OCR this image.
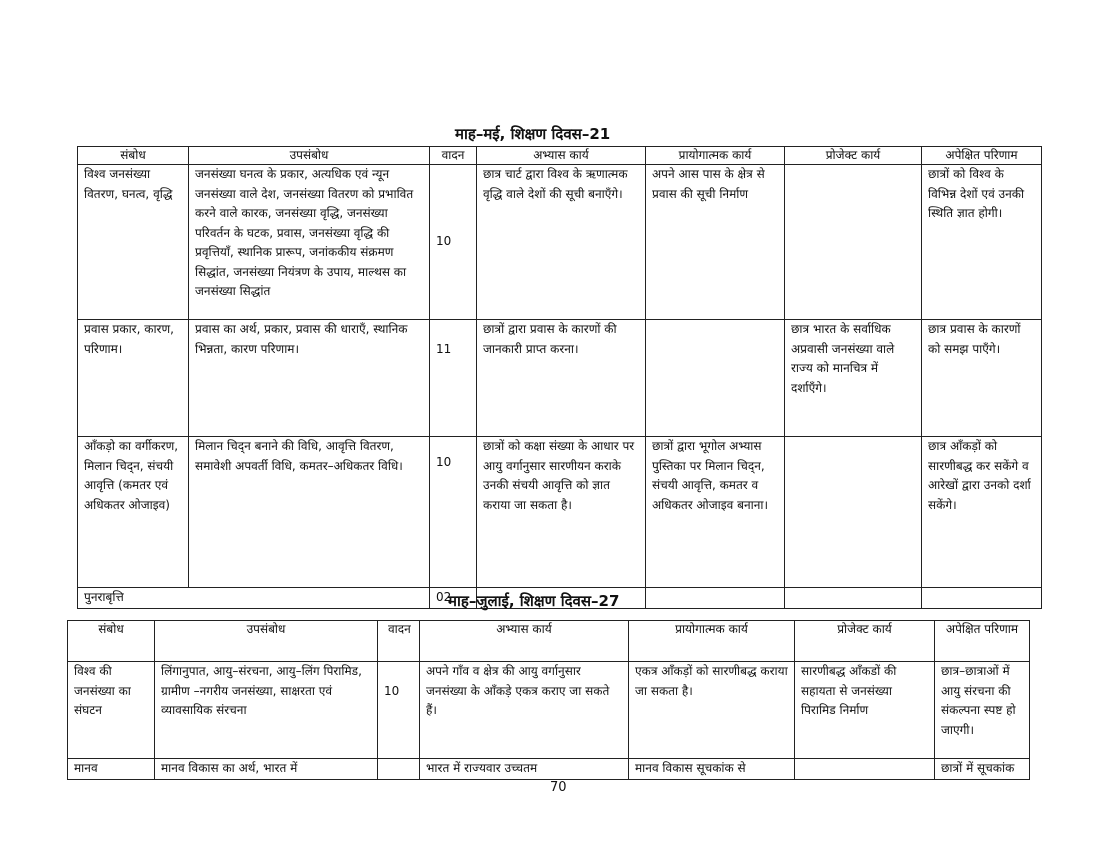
माह–मई, शिक्षण दिवस–21
संबोध	उपसंबोध	वादन	अभ्यास कार्य	प्रायोगात्मक कार्य	प्रोजेक्ट कार्य	अपेक्षित परिणाम
विश्व जनसंख्या वितरण, घनत्व, वृद्धि	जनसंख्या घनत्व के प्रकार, अत्यधिक एवं न्यून जनसंख्या वाले देश, जनसंख्या वितरण को प्रभावित करने वाले कारक, जनसंख्या वृद्धि, जनसंख्या परिवर्तन के घटक, प्रवास, जनसंख्या वृद्धि की प्रवृत्तियाँ, स्थानिक प्रारूप, जनांककीय संक्रमण सिद्धांत, जनसंख्या नियंत्रण के उपाय, माल्थस का जनसंख्या सिद्धांत	10	छात्र चार्ट द्वारा विश्व के ऋणात्मक वृद्धि वाले देशों की सूची बनाएँगे।	अपने आस पास के क्षेत्र से प्रवास की सूची निर्माण		छात्रों को विश्व के विभिन्न देशों एवं उनकी स्थिति ज्ञात होगी।
प्रवास प्रकार, कारण, परिणाम।	प्रवास का अर्थ, प्रकार, प्रवास की धाराएँ, स्थानिक भिन्नता, कारण परिणाम।	11	छात्रों द्वारा प्रवास के कारणों की जानकारी प्राप्त करना।		छात्र भारत के सर्वाधिक अप्रवासी जनसंख्या वाले राज्य को मानचित्र में दर्शाएँगे।	छात्र प्रवास के कारणों को समझ पाएँगे।
आँकड़ो का वर्गीकरण, मिलान चिद्न, संचयी आवृत्ति (कमतर एवं अधिकतर ओजाइव)	मिलान चिद्न बनाने की विधि, आवृत्ति वितरण, समावेशी अपवर्ती विधि, कमतर–अधिकतर विधि।	10	छात्रों को कक्षा संख्या के आधार पर आयु वर्गानुसार सारणीयन कराके उनकी संचयी आवृत्ति को ज्ञात कराया जा सकता है।	छात्रों द्वारा भूगोल अभ्यास पुस्तिका पर मिलान चिद्न, संचयी आवृत्ति, कमतर व अधिकतर ओजाइव बनाना।		छात्र आँकड़ों को सारणीबद्ध कर सकेंगे व आरेखों द्वारा उनको दर्शा सकेंगे।
पुनराबृत्ति		02				
माह–जुलाई, शिक्षण दिवस–27
संबोध	उपसंबोध	वादन	अभ्यास कार्य	प्रायोगात्मक कार्य	प्रोजेक्ट कार्य	अपेक्षित परिणाम
विश्व की जनसंख्या का संघटन	लिंगानुपात, आयु–संरचना, आयु–लिंग पिरामिड, ग्रामीण –नगरीय जनसंख्या, साक्षरता एवं व्यावसायिक संरचना	10	अपने गाँव व क्षेत्र की आयु वर्गानुसार जनसंख्या के आँकड़े एकत्र कराए जा सकते हैं।	एकत्र आँकड़ों को सारणीबद्ध कराया जा सकता है।	सारणीबद्ध आँकडों की सहायता से जनसंख्या पिरामिड निर्माण	छात्र–छात्राओं में आयु संरचना की संकल्पना स्पष्ट हो जाएगी।
मानव	मानव विकास का अर्थ, भारत में		भारत में राज्यवार उच्चतम	मानव विकास सूचकांक से		छात्रों में सूचकांक
70
